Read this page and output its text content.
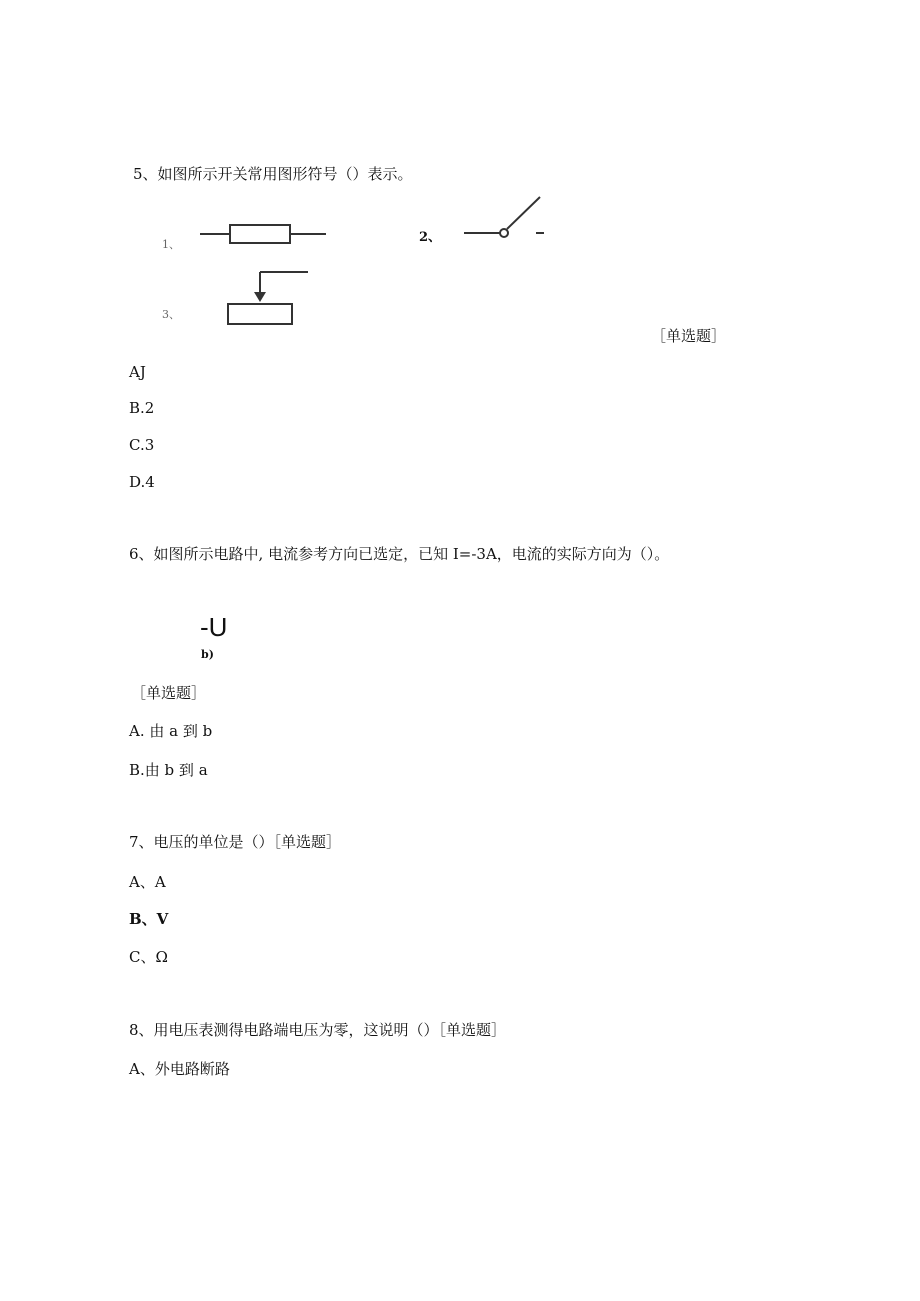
5、如图所示开关常用图形符号（）表示。
1、	2、
3、
［单选题］
AJ
B.2
C.3
D.4
6、如图所示电路中, 电流参考方向已选定，已知 I=-3A，电流的实际方向为（）。
-U
b)
［单选题］
A. 由 a 到 b
B.由 b 到 a
7、电压的单位是（）［单选题］
A、A
B、V
C、Ω
8、用电压表测得电路端电压为零，这说明（）［单选题］
A、外电路断路
